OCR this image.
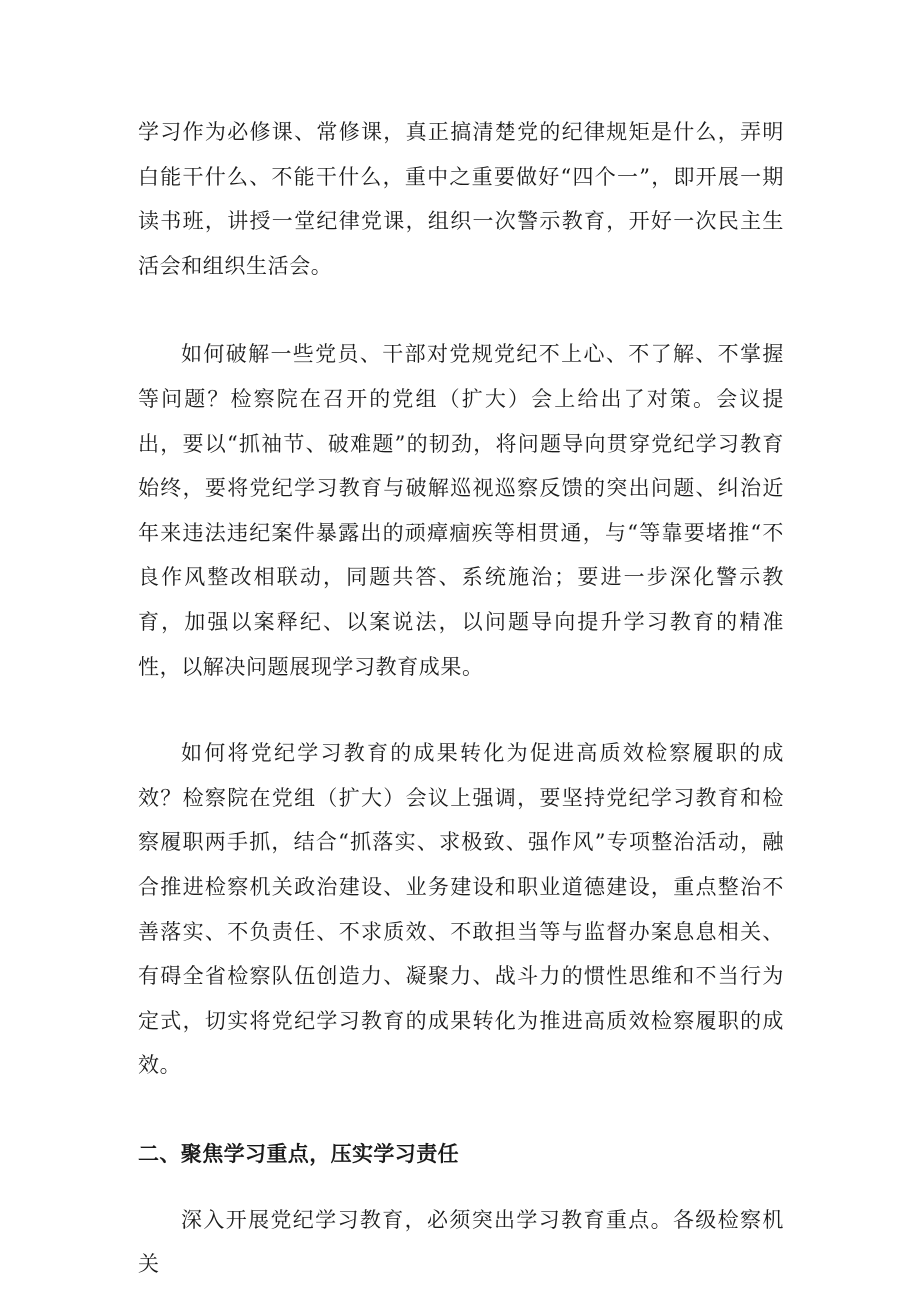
学习作为必修课、常修课，真正搞清楚党的纪律规矩是什么，弄明白能干什么、不能干什么，重中之重要做好“四个一”，即开展一期读书班，讲授一堂纪律党课，组织一次警示教育，开好一次民主生活会和组织生活会。

如何破解一些党员、干部对党规党纪不上心、不了解、不掌握等问题？检察院在召开的党组（扩大）会上给出了对策。会议提出，要以“抓䄂节、破难题”的韧劲，将问题导向贯穿党纪学习教育始终，要将党纪学习教育与破解巡视巡察反馈的突出问题、纠治近年来违法违纪案件暴露出的顽瘴痼疾等相贯通，与“等靠要堵推“不良作风整改相联动，同题共答、系统施治；要进一步深化警示教育，加强以案释纪、以案说法，以问题导向提升学习教育的精准性，以解决问题展现学习教育成果。

如何将党纪学习教育的成果转化为促进高质效检察履职的成效？检察院在党组（扩大）会议上强调，要坚持党纪学习教育和检察履职两手抓，结合“抓落实、求极致、强作风”专项整治活动，融合推进检察机关政治建设、业务建设和职业道德建设，重点整治不善落实、不负责任、不求质效、不敢担当等与监督办案息息相关、有碍全省检察队伍创造力、凝聚力、战斗力的惯性思维和不当行为定式，切实将党纪学习教育的成果转化为推进高质效检察履职的成效。

二、聚焦学习重点，压实学习责任

深入开展党纪学习教育，必须突出学习教育重点。各级检察机关
